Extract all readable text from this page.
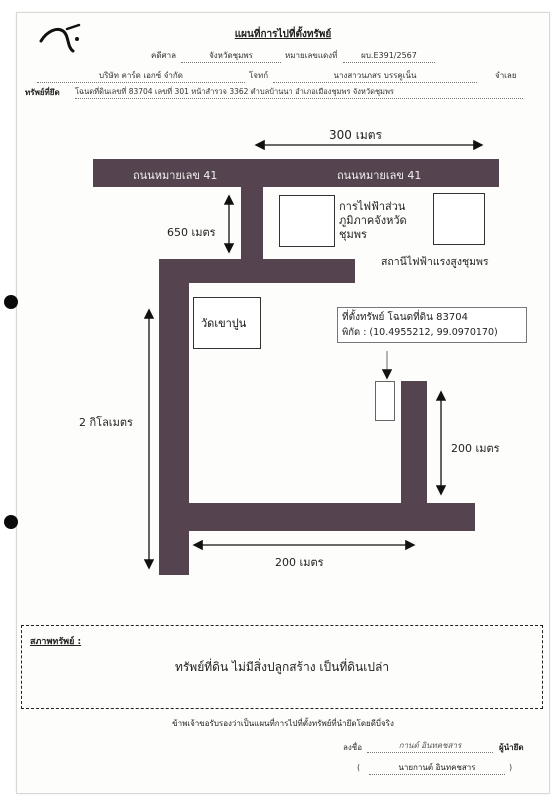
แผนที่การไปที่ตั้งทรัพย์
คดีศาล	จังหวัดชุมพร	หมายเลขแดงที่	ผบ.E391/2567
บริษัท คาร์ด เอกซ์ จำกัด	โจทก์	นางสาวนภสร บรรคูเน็น	จำเลย
ทรัพย์ที่ยึด โฉนดที่ดินเลขที่ 83704 เลขที่ 301 หน้าสำรวจ 3362 ตำบลบ้านนา อำเภอเมืองชุมพร จังหวัดชุมพร
ถนนหมายเลข 41	ถนนหมายเลข 41
300 เมตร
650 เมตร
2 กิโลเมตร
200 เมตร
200 เมตร
การไฟฟ้าส่วน
ภูมิภาคจังหวัด
ชุมพร
สถานีไฟฟ้าแรงสูงชุมพร
วัดเขาปูน	ที่ตั้งทรัพย์ โฉนดที่ดิน 83704
พิกัด : (10.4955212, 99.0970170)
สภาพทรัพย์ :
ทรัพย์ที่ดิน ไม่มีสิ่งปลูกสร้าง เป็นที่ดินเปล่า
ข้าพเจ้าขอรับรองว่าเป็นแผนที่การไปที่ตั้งทรัพย์ที่นำยึดโดยดีบี่จริง
ลงชื่อ	กานต์ อินทคชสาร	ผู้นำยึด
(	นายกานต์ อินทคชสาร	)
